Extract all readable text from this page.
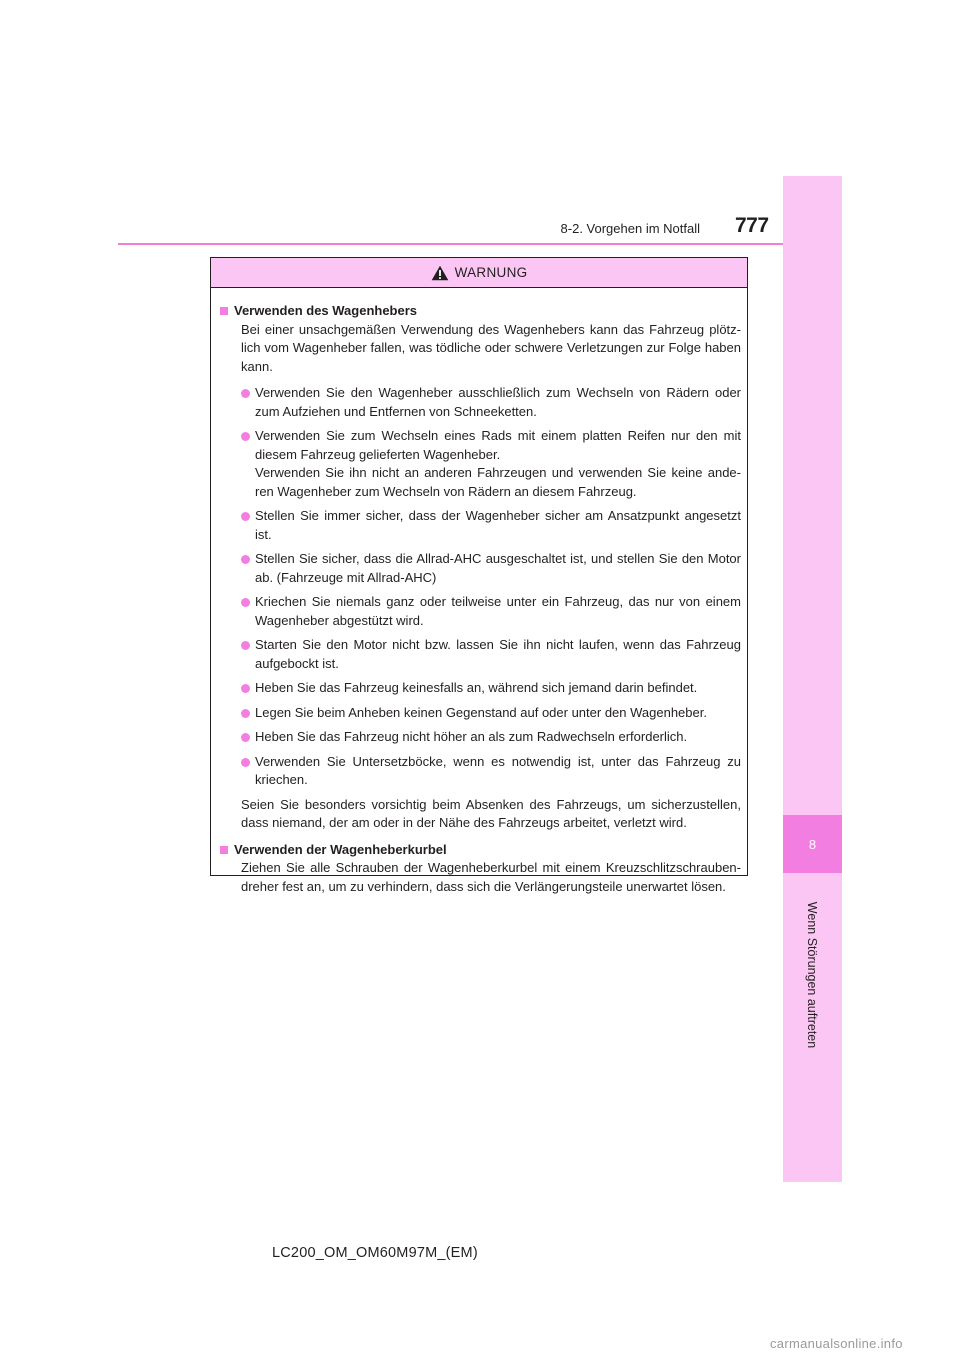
777
8-2. Vorgehen im Notfall
8
Wenn Störungen auftreten
WARNUNG
Verwenden des Wagenhebers

Bei einer unsachgemäßen Verwendung des Wagenhebers kann das Fahrzeug plötz-lich vom Wagenheber fallen, was tödliche oder schwere Verletzungen zur Folge haben kann.

Verwenden Sie den Wagenheber ausschließlich zum Wechseln von Rädern oder zum Aufziehen und Entfernen von Schneeketten.
Verwenden Sie zum Wechseln eines Rads mit einem platten Reifen nur den mit diesem Fahrzeug gelieferten Wagenheber.
Verwenden Sie ihn nicht an anderen Fahrzeugen und verwenden Sie keine ande-ren Wagenheber zum Wechseln von Rädern an diesem Fahrzeug.
Stellen Sie immer sicher, dass der Wagenheber sicher am Ansatzpunkt angesetzt ist.
Stellen Sie sicher, dass die Allrad-AHC ausgeschaltet ist, und stellen Sie den Motor ab. (Fahrzeuge mit Allrad-AHC)
Kriechen Sie niemals ganz oder teilweise unter ein Fahrzeug, das nur von einem Wagenheber abgestützt wird.
Starten Sie den Motor nicht bzw. lassen Sie ihn nicht laufen, wenn das Fahrzeug aufgebockt ist.
Heben Sie das Fahrzeug keinesfalls an, während sich jemand darin befindet.
Legen Sie beim Anheben keinen Gegenstand auf oder unter den Wagenheber.
Heben Sie das Fahrzeug nicht höher an als zum Radwechseln erforderlich.
Verwenden Sie Untersetzböcke, wenn es notwendig ist, unter das Fahrzeug zu kriechen.

Seien Sie besonders vorsichtig beim Absenken des Fahrzeugs, um sicherzustellen, dass niemand, der am oder in der Nähe des Fahrzeugs arbeitet, verletzt wird.

Verwenden der Wagenheberkurbel

Ziehen Sie alle Schrauben der Wagenheberkurbel mit einem Kreuzschlitzschrauben-dreher fest an, um zu verhindern, dass sich die Verlängerungsteile unerwartet lösen.

LC200_OM_OM60M97M_(EM)
carmanualsonline.info
